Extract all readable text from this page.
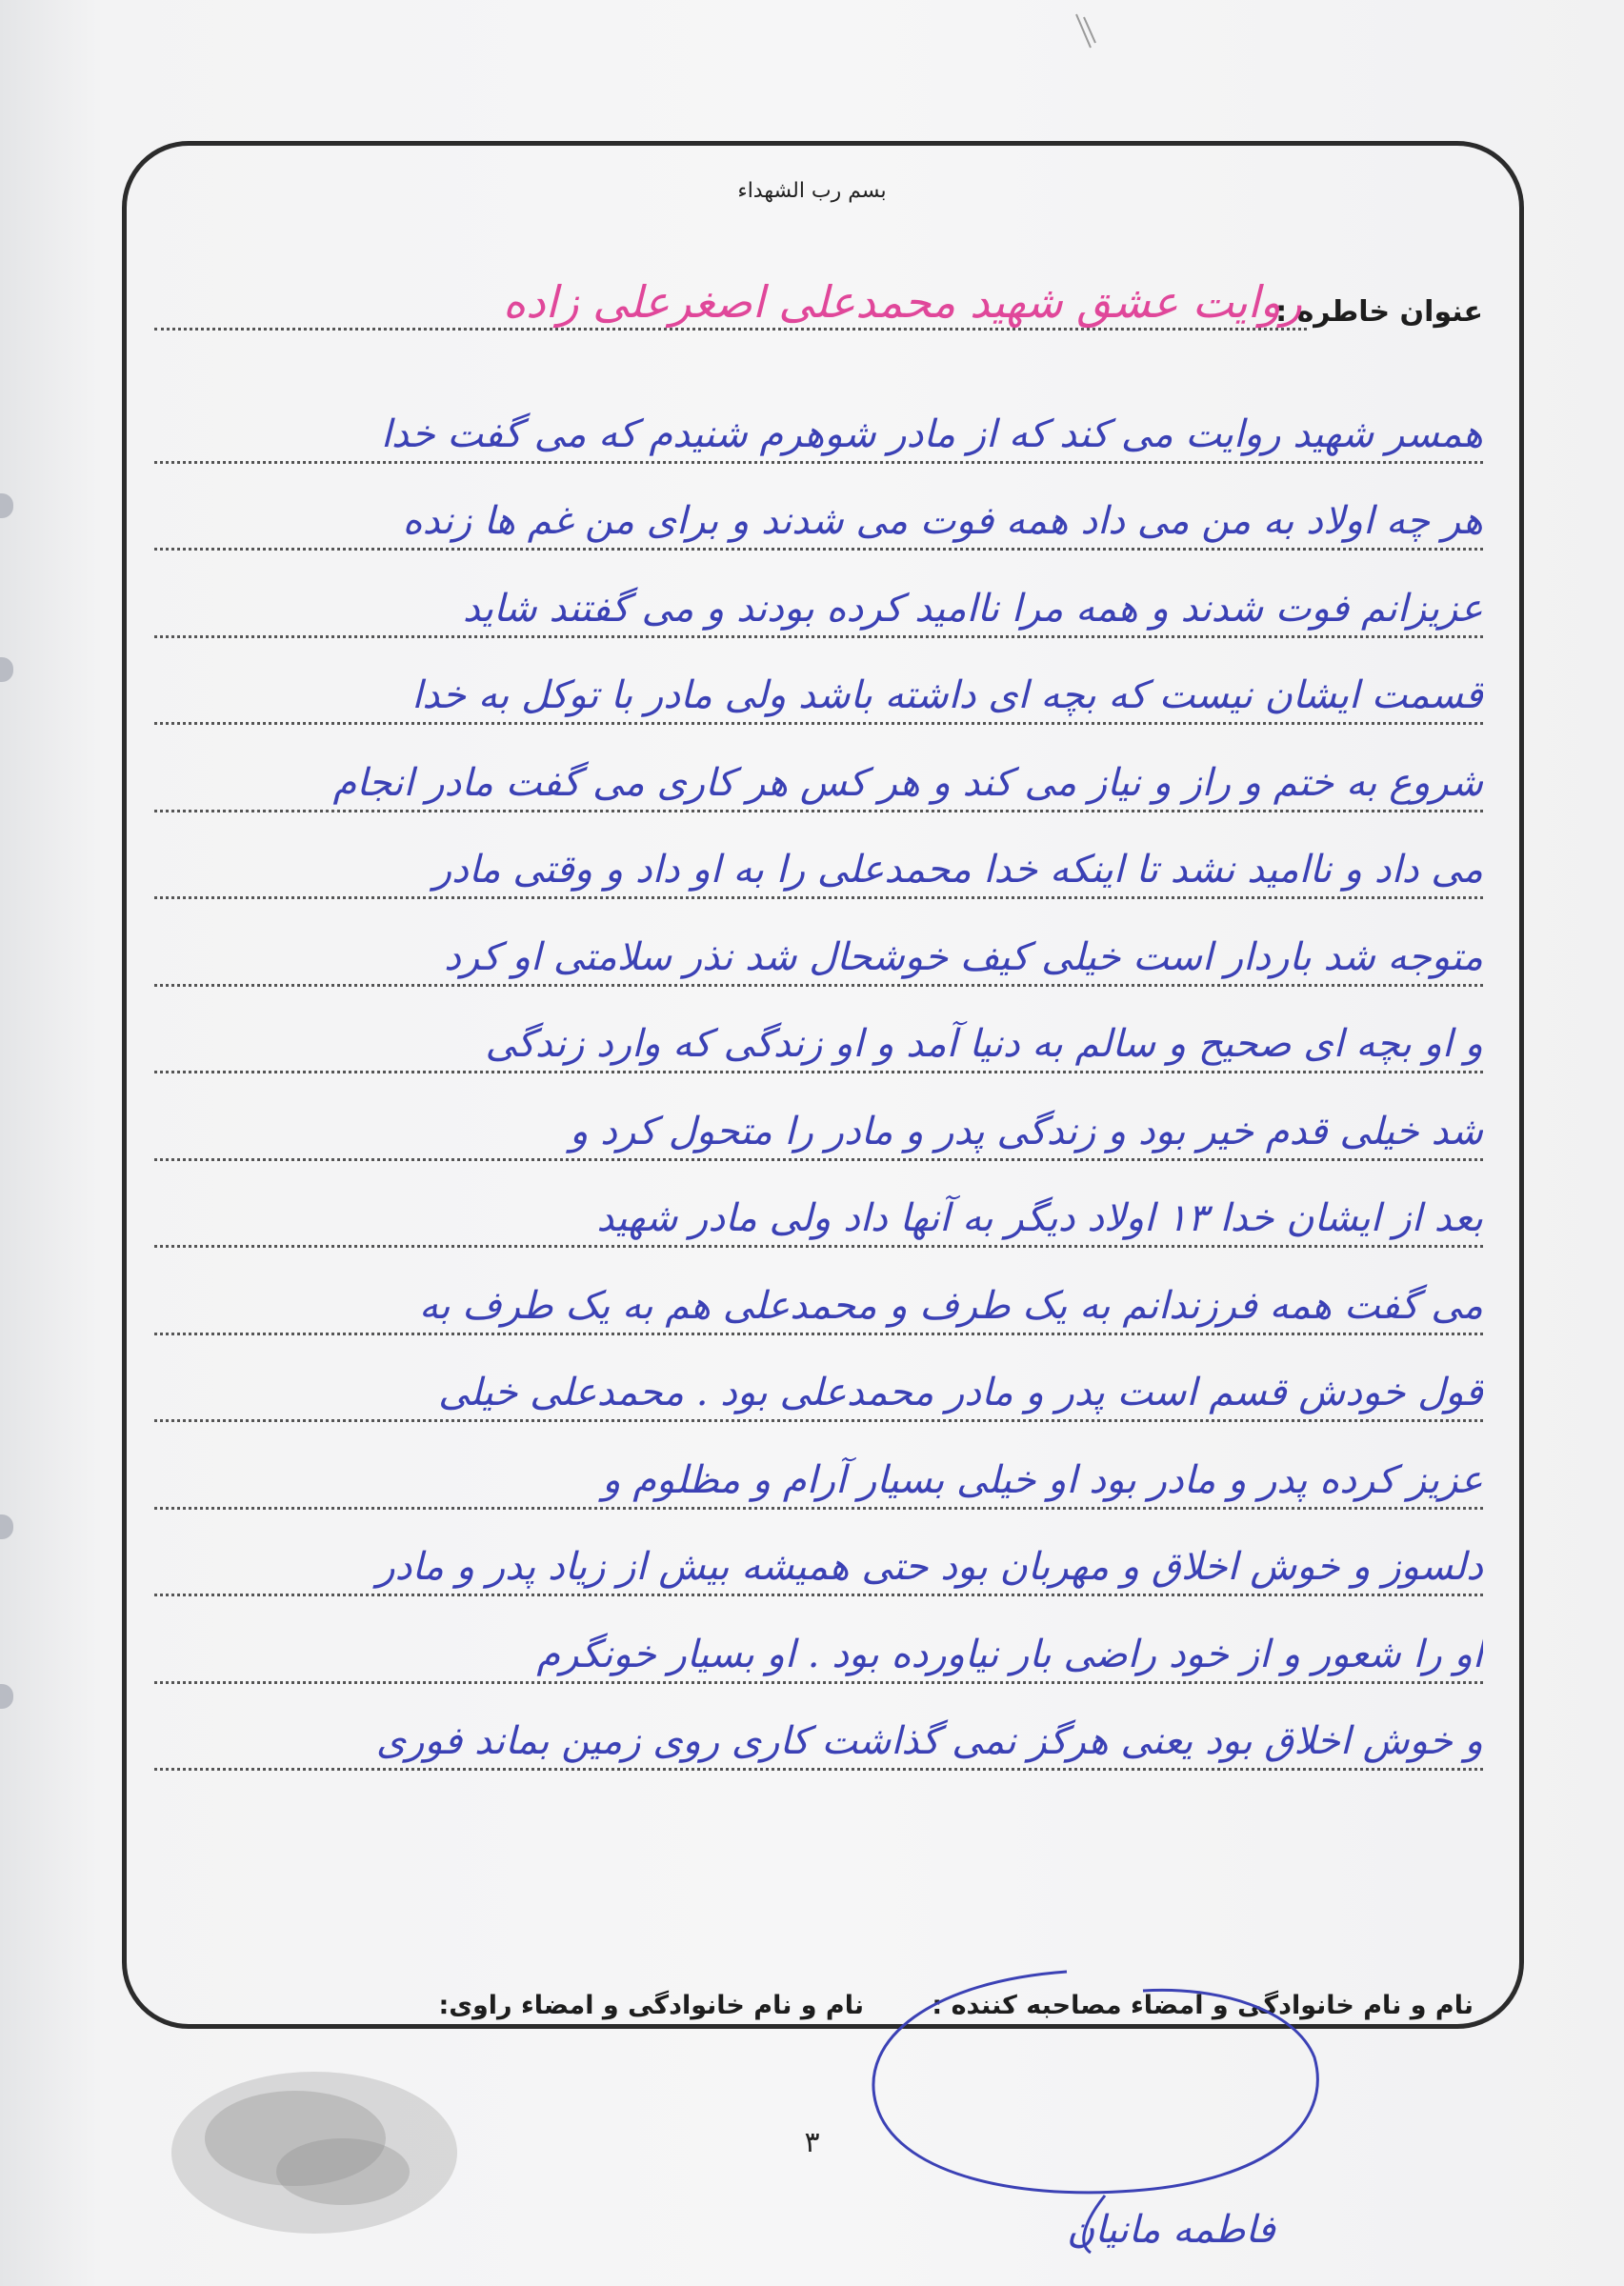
بسم رب الشهداء
عنوان خاطره :
روایت عشق شهید محمدعلی اصغرعلی زاده
همسر شهید روایت می کند که از مادر شوهرم شنیدم که می گفت خدا
هر چه اولاد به من می داد همه فوت می شدند و برای من غم ها زنده
عزیزانم فوت شدند و همه مرا ناامید کرده بودند و می گفتند شاید
قسمت ایشان نیست که بچه ای داشته باشد ولی مادر با توکل به خدا
شروع به ختم و راز و نیاز می کند و هر کس هر کاری می گفت مادر انجام
می داد و ناامید نشد تا اینکه خدا محمدعلی را به او داد و وقتی مادر
متوجه شد باردار است خیلی کیف خوشحال شد نذر سلامتی او کرد
و او بچه ای صحیح و سالم به دنیا آمد و او زندگی که وارد زندگی
شد خیلی قدم خیر بود و زندگی پدر و مادر را متحول کرد و
بعد از ایشان خدا ۱۳ اولاد دیگر به آنها داد ولی مادر شهید
می گفت همه فرزندانم به یک طرف و محمدعلی هم به یک طرف به
قول خودش قسم است پدر و مادر محمدعلی بود . محمدعلی خیلی
عزیز کرده پدر و مادر بود او خیلی بسیار آرام و مظلوم و
دلسوز و خوش اخلاق و مهربان بود حتی همیشه بیش از زیاد پدر و مادر
او را شعور و از خود راضی بار نیاورده بود . او بسیار خونگرم
و خوش اخلاق بود یعنی هرگز نمی گذاشت کاری روی زمین بماند فوری
نام و نام خانوادگی و امضاء مصاحبه کننده :
نام و نام خانوادگی و امضاء راوی:
فاطمه مانیان
۳
